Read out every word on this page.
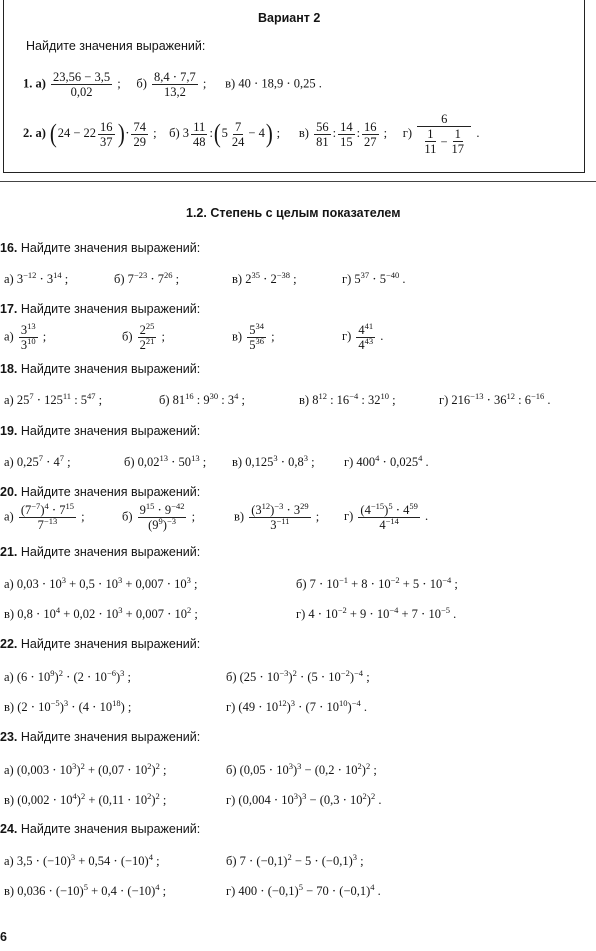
Вариант 2
Найдите значения выражений:
1. $а) \frac{23,56 - 3,5}{0,02}$ ;     $б) \frac{8,4 \cdot 7,7}{13,2}$ ;      в) 40 ⋅ 18,9 ⋅ 0,25 .
2. а) ($24 - 22 \frac{16}{37}$ )⋅ $\frac{74}{29}$ ;    б) $3 \frac{11}{48}$ :(5 $\frac{7}{24} - 4$) ;      $в) \frac{56}{81}$ : $\frac{14}{15}$ : $\frac{16}{27}$ ;     $г) \frac{6}{\frac{1}{11} - \frac{1}{17}}$ .
1.2. Степень с целым показателем
16. Найдите значения выражений:
а) $3^{-12} \cdot 3^{14}$ ;	б) $7^{-23} \cdot 7^{26}$ ;	в) $2^{35} \cdot 2^{-38}$ ;	г) $5^{37} \cdot 5^{-40}$ .
17. Найдите значения выражений:
$а) \frac{3^{13}}{3^{10}}$ ;	$б) \frac{2^{25}}{2^{21}}$ ;	$в) \frac{5^{34}}{5^{36}}$ ;	$г) \frac{4^{41}}{4^{43}}$ .
18. Найдите значения выражений:
а) $25^7 \cdot 125^{11}$ : $5^{47}$ ;	б) $81^{16}$ : $9^{30}$ : $3^4$ ;	в) $8^{12}$ : $16^{-4}$ : $32^{10}$ ;	г) $216^{-13} \cdot 36^{12}$ : $6^{-16}$ .
19. Найдите значения выражений:
а) $0,25^7 \cdot 4^7$ ;	б) $0,02^{13} \cdot 50^{13}$ ; в) $0,125^3 \cdot 0,8^3$ ; г) $400^4 \cdot 0,025^4$ .
20. Найдите значения выражений:
$а) \frac{(7^{-7})^4 \cdot 7^{15}}{7^{-13}}$ ;	$б) \frac{9^{15} \cdot 9^{-42}}{(9^9)^{-3}}$ ;	$в) \frac{(3^{12})^{-3} \cdot 3^{29}}{3^{-11}}$ ; $г) \frac{(4^{-15})^5 \cdot 4^{59}}{4^{-14}}$ .
21. Найдите значения выражений:
а) $0,03 \cdot 10^3 + 0,5 \cdot 10^3 + 0,007 \cdot 10^3$ ;	б) $7 \cdot 10^{-1} + 8 \cdot 10^{-2} + 5 \cdot 10^{-4}$ ;
в) $0,8 \cdot 10^4 + 0,02 \cdot 10^3 + 0,007 \cdot 10^2$ ;	г) $4 \cdot 10^{-2} + 9 \cdot 10^{-4} + 7 \cdot 10^{-5}$ .
22. Найдите значения выражений:
а) $(6 \cdot 10^9)^2 \cdot (2 \cdot 10^{-6})^3$ ;	б) $(25 \cdot 10^{-3})^2 \cdot (5 \cdot 10^{-2})^{-4}$ ;
в) $(2 \cdot 10^{-5})^3 \cdot (4 \cdot 10^{18})$ ;	г) $(49 \cdot 10^{12})^3 \cdot (7 \cdot 10^{10})^{-4}$ .
23. Найдите значения выражений:
а) $(0,003 \cdot 10^3)^2 + (0,07 \cdot 10^2)^2$ ;	б) $(0,05 \cdot 10^3)^3 - (0,2 \cdot 10^2)^2$ ;
в) $(0,002 \cdot 10^4)^2 + (0,11 \cdot 10^2)^2$ ;	г) $(0,004 \cdot 10^3)^3 - (0,3 \cdot 10^2)^2$ .
24. Найдите значения выражений:
а) $3,5 \cdot (-10)^3 + 0,54 \cdot (-10)^4$ ;	б) $7 \cdot (-0,1)^2 - 5 \cdot (-0,1)^3$ ;
в) $0,036 \cdot (-10)^5 + 0,4 \cdot (-10)^4$ ;	г) $400 \cdot (-0,1)^5 - 70 \cdot (-0,1)^4$ .
6
